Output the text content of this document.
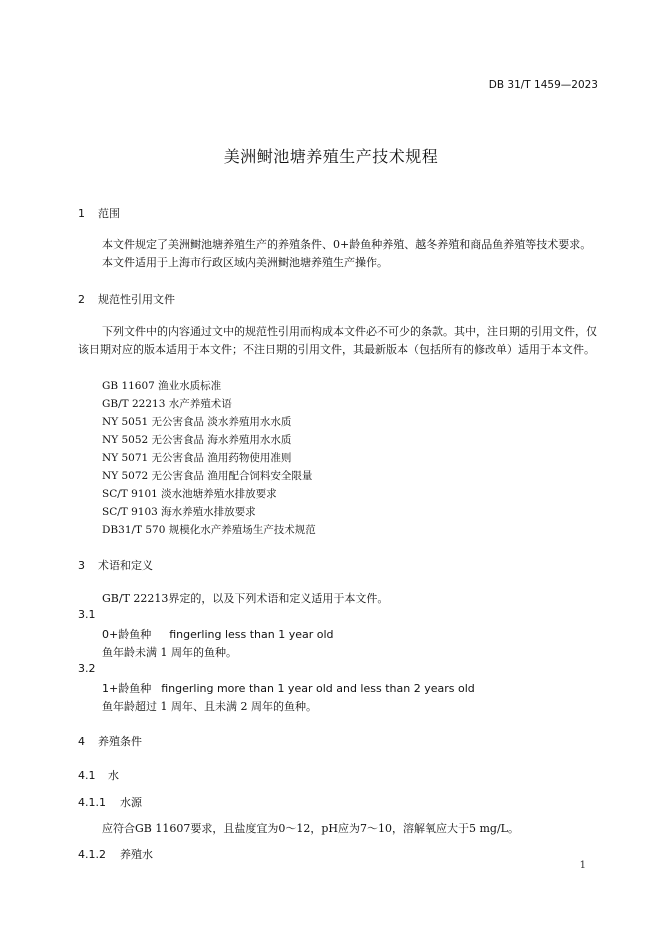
DB 31/T 1459—2023
美洲鲥池塘养殖生产技术规程
1 范围
本文件规定了美洲鲥池塘养殖生产的养殖条件、0+龄鱼种养殖、越冬养殖和商品鱼养殖等技术要求。
本文件适用于上海市行政区域内美洲鲥池塘养殖生产操作。
2 规范性引用文件
下列文件中的内容通过文中的规范性引用而构成本文件必不可少的条款。其中，注日期的引用文件，仅该日期对应的版本适用于本文件；不注日期的引用文件，其最新版本（包括所有的修改单）适用于本文件。
GB 11607 渔业水质标准
GB/T 22213 水产养殖术语
NY 5051 无公害食品 淡水养殖用水水质
NY 5052 无公害食品 海水养殖用水水质
NY 5071 无公害食品 渔用药物使用准则
NY 5072 无公害食品 渔用配合饲料安全限量
SC/T 9101 淡水池塘养殖水排放要求
SC/T 9103 海水养殖水排放要求
DB31/T 570 规模化水产养殖场生产技术规范
3 术语和定义
GB/T 22213界定的，以及下列术语和定义适用于本文件。
3.1
0+龄鱼种 fingerling less than 1 year old
鱼年龄未满 1 周年的鱼种。
3.2
1+龄鱼种 fingerling more than 1 year old and less than 2 years old
鱼年龄超过 1 周年、且未满 2 周年的鱼种。
4 养殖条件
4.1 水
4.1.1 水源
应符合GB 11607要求，且盐度宜为0～12，pH应为7～10，溶解氧应大于5 mg/L。
4.1.2 养殖水
1
